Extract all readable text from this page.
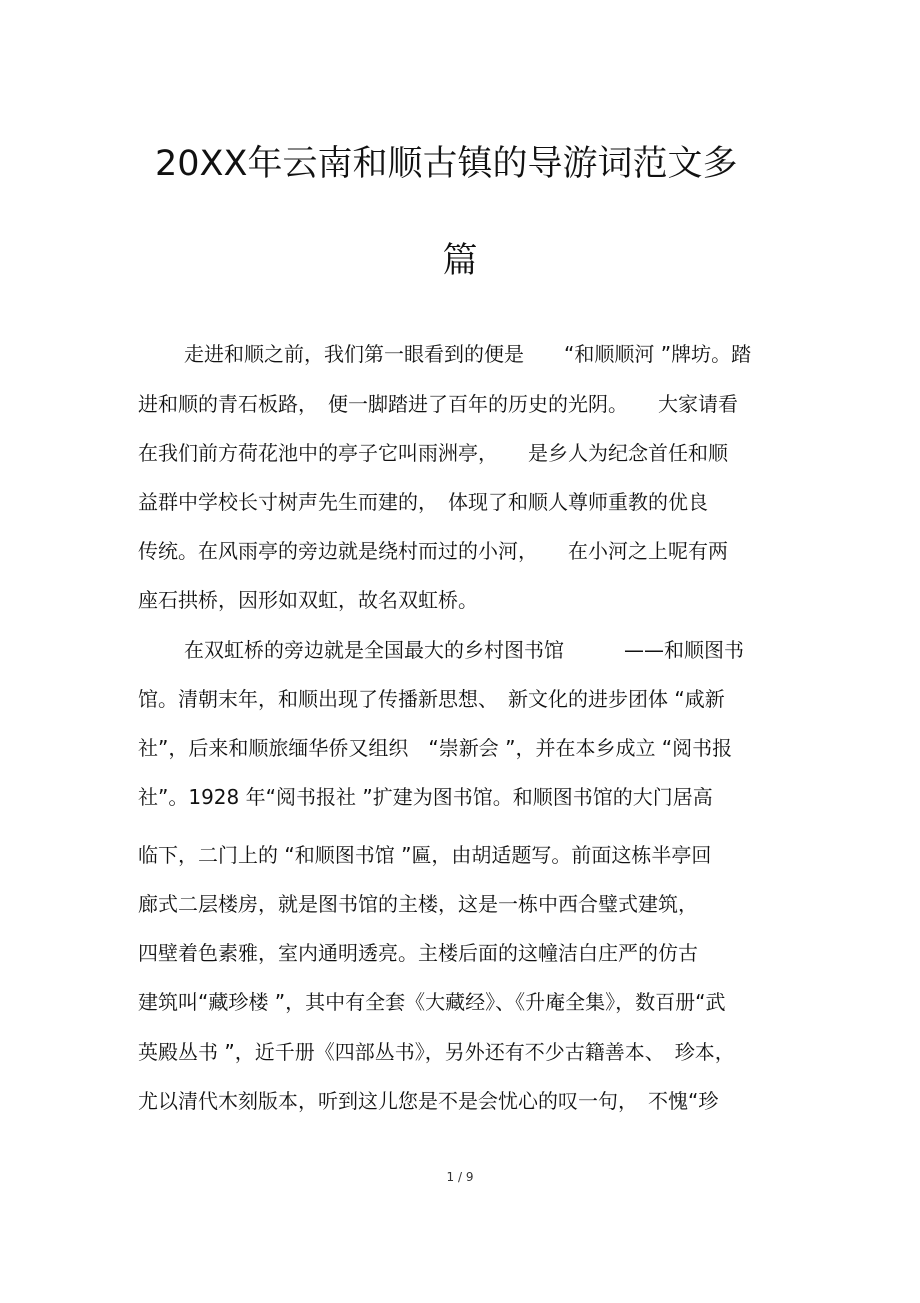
20XX年云南和顺古镇的导游词范文多
篇
走进和顺之前，我们第一眼看到的便是　　“和顺顺河 ”牌坊。踏
进和顺的青石板路，　便一脚踏进了百年的历史的光阴。　　大家请看
在我们前方荷花池中的亭子它叫雨洲亭，　　是乡人为纪念首任和顺
益群中学校长寸树声先生而建的，　体现了和顺人尊师重教的优良
传统。在风雨亭的旁边就是绕村而过的小河，　　在小河之上呢有两
座石拱桥，因形如双虹，故名双虹桥。
在双虹桥的旁边就是全国最大的乡村图书馆　　　——和顺图书
馆。清朝末年，和顺出现了传播新思想、　新文化的进步团体 “咸新
社”，后来和顺旅缅华侨又组织　“崇新会 ”，并在本乡成立 “阅书报
社”。1928 年“阅书报社 ”扩建为图书馆。和顺图书馆的大门居高
临下，二门上的 “和顺图书馆 ”匾，由胡适题写。前面这栋半亭回
廊式二层楼房，就是图书馆的主楼，这是一栋中西合璧式建筑，
四壁着色素雅，室内通明透亮。主楼后面的这幢洁白庄严的仿古
建筑叫“藏珍楼 ”，其中有全套《大藏经》、《升庵全集》，数百册“武
英殿丛书 ”，近千册《四部丛书》，另外还有不少古籍善本、　珍本，
尤以清代木刻版本，听到这儿您是不是会忧心的叹一句，　不愧“珍
1 / 9
